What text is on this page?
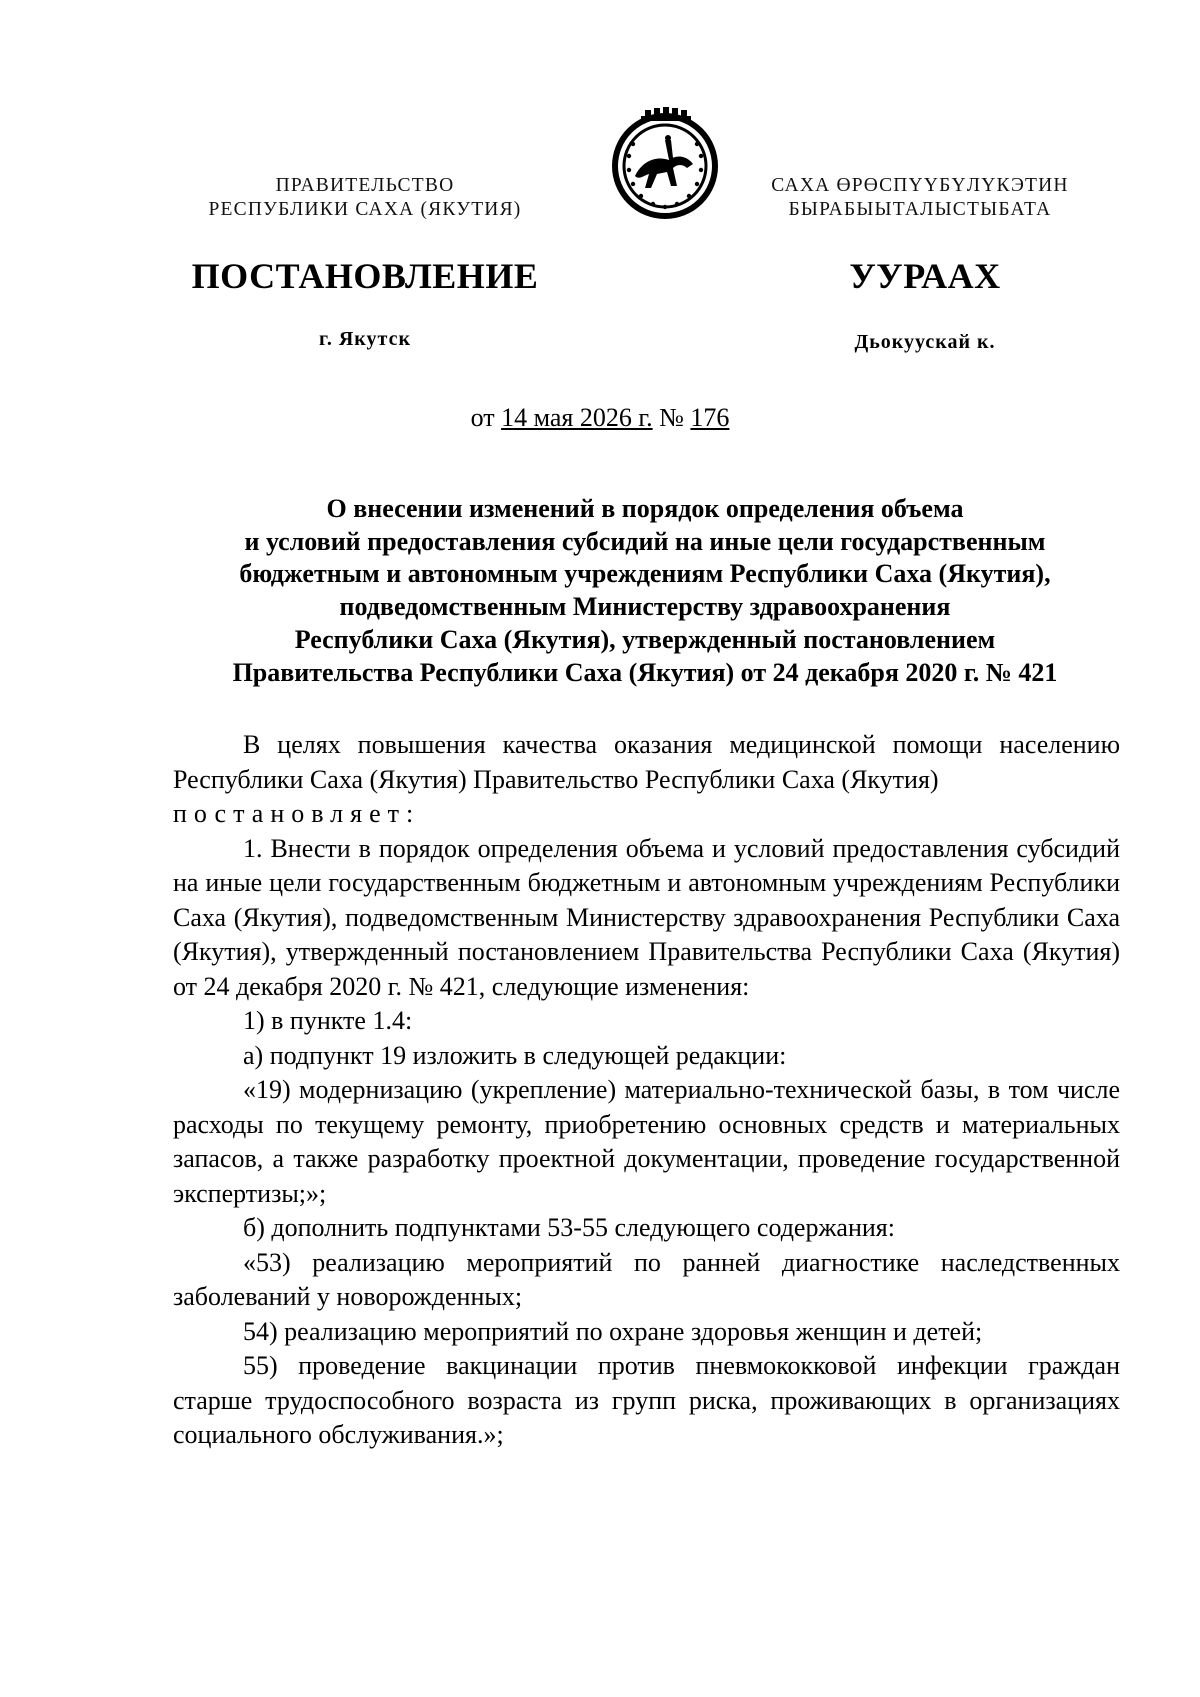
ПРАВИТЕЛЬСТВО
РЕСПУБЛИКИ САХА (ЯКУТИЯ)
САХА ӨРӨСПҮҮБҮЛҮКЭТИН
БЫРАБЫЫТАЛЫСТЫБАТА
ПОСТАНОВЛЕНИЕ	УУРААХ
г. Якутск	Дьокуускай к.
от 14 мая 2026 г. № 176
О внесении изменений в порядок определения объема
и условий предоставления субсидий на иные цели государственным
бюджетным и автономным учреждениям Республики Саха (Якутия),
подведомственным Министерству здравоохранения
Республики Саха (Якутия), утвержденный постановлением
Правительства Республики Саха (Якутия) от 24 декабря 2020 г. № 421

В целях повышения качества оказания медицинской помощи населению Республики Саха (Якутия) Правительство Республики Саха (Якутия)

постановляет:

1. Внести в порядок определения объема и условий предоставления субсидий на иные цели государственным бюджетным и автономным учреждениям Республики Саха (Якутия), подведомственным Министерству здравоохранения Республики Саха (Якутия), утвержденный постановлением Правительства Республики Саха (Якутия) от 24 декабря 2020 г. № 421, следующие изменения:

1) в пункте 1.4:

а) подпункт 19 изложить в следующей редакции:

«19) модернизацию (укрепление) материально-технической базы, в том числе расходы по текущему ремонту, приобретению основных средств и материальных запасов, а также разработку проектной документации, проведение государственной экспертизы;»;

б) дополнить подпунктами 53-55 следующего содержания:

«53) реализацию мероприятий по ранней диагностике наследственных заболеваний у новорожденных;

54) реализацию мероприятий по охране здоровья женщин и детей;

55) проведение вакцинации против пневмококковой инфекции граждан старше трудоспособного возраста из групп риска, проживающих в организациях социального обслуживания.»;
